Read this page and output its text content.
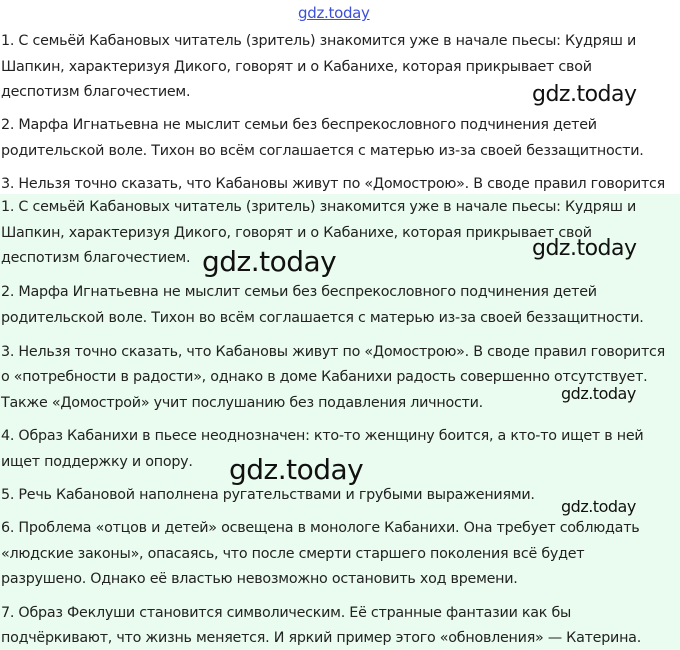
gdz.today
1. С семьёй Кабановых читатель (зритель) знакомится уже в начале пьесы: Кудряш и
Шапкин, характеризуя Дикого, говорят и о Кабанихе, которая прикрывает свой
деспотизм благочестием.
2. Марфа Игнатьевна не мыслит семьи без беспрекословного подчинения детей
родительской воле. Тихон во всём соглашается с матерью из-за своей беззащитности.
3. Нельзя точно сказать, что Кабановы живут по «Домострою». В своде правил говорится
1. С семьёй Кабановых читатель (зритель) знакомится уже в начале пьесы: Кудряш и
Шапкин, характеризуя Дикого, говорят и о Кабанихе, которая прикрывает свой
деспотизм благочестием.
2. Марфа Игнатьевна не мыслит семьи без беспрекословного подчинения детей
родительской воле. Тихон во всём соглашается с матерью из-за своей беззащитности.
3. Нельзя точно сказать, что Кабановы живут по «Домострою». В своде правил говорится
о «потребности в радости», однако в доме Кабанихи радость совершенно отсутствует.
Также «Домострой» учит послушанию без подавления личности.
4. Образ Кабанихи в пьесе неоднозначен: кто-то женщину боится, а кто-то ищет в ней
ищет поддержку и опору.
5. Речь Кабановой наполнена ругательствами и грубыми выражениями.
6. Проблема «отцов и детей» освещена в монологе Кабанихи. Она требует соблюдать
«людские законы», опасаясь, что после смерти старшего поколения всё будет
разрушено. Однако её властью невозможно остановить ход времени.
7. Образ Феклуши становится символическим. Её странные фантазии как бы
подчёркивают, что жизнь меняется. И яркий пример этого «обновления» — Катерина.
gdz.today
gdz.today
gdz.today
gdz.today
gdz.today
gdz.today
